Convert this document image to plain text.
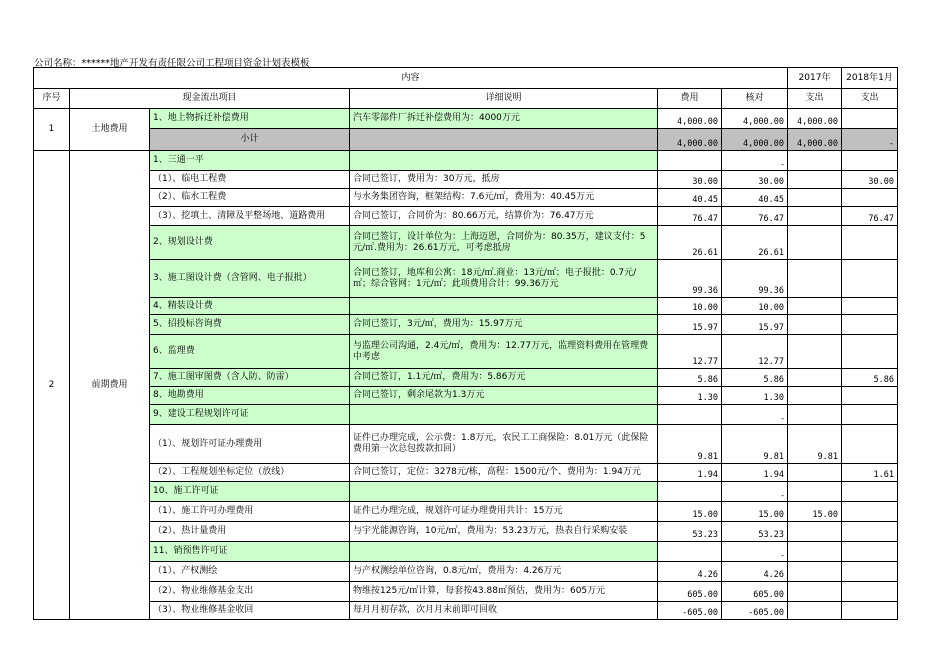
公司名称：******地产开发有责任限公司工程项目资金计划表模板
内容						2017年	2018年1月
序号	现金流出项目		详细说明	费用	核对	支出	支出
1	土地费用	1、地上物拆迁补偿费用	汽车零部件厂拆迁补偿费用为：4000万元	4,000.00	4,000.00	4,000.00	
		小计		4,000.00	4,000.00	4,000.00	-
2	前期费用	1、三通一平			-		
		（1）、临电工程费	合同已签订，费用为：30万元，抵房	30.00	30.00		30.00
		（2）、临水工程费	与水务集团咨询，框架结构：7.6元/㎡，费用为：40.45万元	40.45	40.45		
		（3）、挖填土、清障及平整场地、道路费用	合同已签订，合同价为：80.66万元，结算价为：76.47万元	76.47	76.47		76.47
		2、规划设计费	合同已签订，设计单位为：上海迈恩，合同价为：80.35万，建议支付：5元/㎡.费用为：26.61万元，可考虑抵房	26.61	26.61		
		3、施工图设计费（含管网、电子报批）	合同已签订，地库和公寓：18元/㎡.商业：13元/㎡；电子报批：0.7元/㎡；综合管网：1元/㎡；此项费用合计：99.36万元	99.36	99.36		
		4、精装设计费		10.00	10.00		
		5、招投标咨询费	合同已签订，3元/㎡，费用为：15.97万元	15.97	15.97		
		6、监理费	与监理公司沟通，2.4元/㎡，费用为：12.77万元，监理资料费用在管理费中考虑	12.77	12.77		
		7、施工图审图费（含人防、防雷）	合同已签订，1.1元/㎡，费用为：5.86万元	5.86	5.86		5.86
		8、地勘费用	合同已签订，剩余尾款为1.3万元	1.30	1.30		
		9、建设工程规划许可证			-		
		（1）、规划许可证办理费用	证件已办理完成，公示费：1.8万元，农民工工商保险：8.01万元（此保险费用第一次总包拨款扣回）	9.81	9.81	9.81	
		（2）、工程规划坐标定位（放线）	合同已签订，定位：3278元/栋，高程：1500元/个、费用为：1.94万元	1.94	1.94		1.61
		10、施工许可证			-		
		（1）、施工许可办理费用	证件已办理完成，规划许可证办理费用共计：15万元	15.00	15.00	15.00	
		（2）、热计量费用	与宇光能源咨询，10元/㎡，费用为：53.23万元，热表自行采购安装	53.23	53.23		
		11、销预售许可证			-		
		（1）、产权测绘	与产权测绘单位咨询，0.8元/㎡，费用为：4.26万元	4.26	4.26		
		（2）、物业维修基金支出	物维按125元/㎡计算，每套按43.88㎡预估，费用为：605万元	605.00	605.00		
		（3）、物业维修基金收回	每月月初存款，次月月末前即可回收	-605.00	-605.00		
